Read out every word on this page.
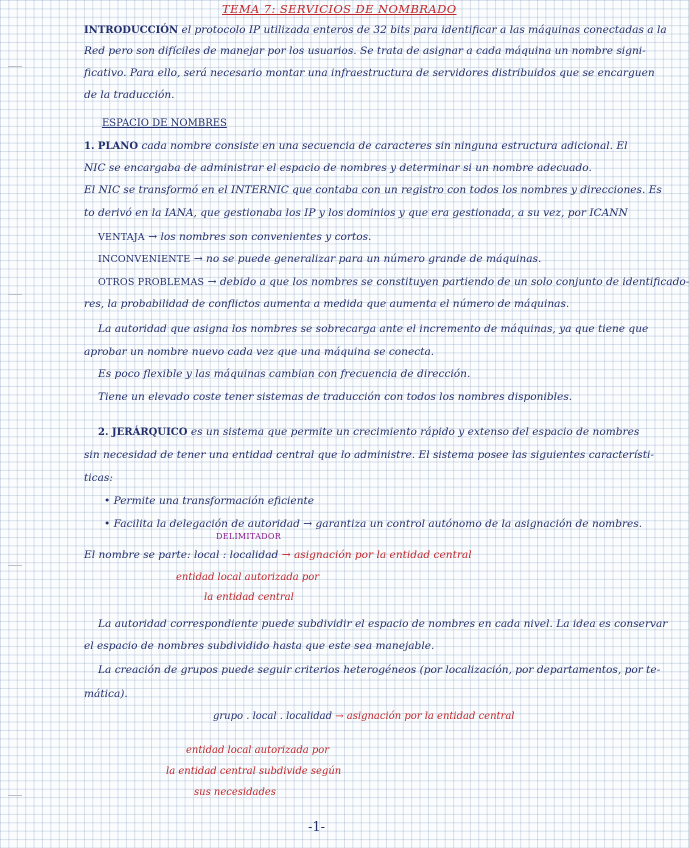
TEMA 7: SERVICIOS DE NOMBRADO
INTRODUCCIÓN el protocolo IP utilizada enteros de 32 bits para identificar a las máquinas conectadas a la
Red pero son difíciles de manejar por los usuarios. Se trata de asignar a cada máquina un nombre signi-
ficativo. Para ello, será necesario montar una infraestructura de servidores distribuidos que se encarguen
de la traducción.
ESPACIO DE NOMBRES
1. PLANO cada nombre consiste en una secuencia de caracteres sin ninguna estructura adicional. El
NIC se encargaba de administrar el espacio de nombres y determinar si un nombre adecuado.
El NIC se transformó en el INTERNIC que contaba con un registro con todos los nombres y direcciones. Es
to derivó en la IANA, que gestionaba los IP y los dominios y que era gestionada, a su vez, por ICANN
VENTAJA → los nombres son convenientes y cortos.
INCONVENIENTE → no se puede generalizar para un número grande de máquinas.
OTROS PROBLEMAS → debido a que los nombres se constituyen partiendo de un solo conjunto de identificado-
res, la probabilidad de conflictos aumenta a medida que aumenta el número de máquinas.
La autoridad que asigna los nombres se sobrecarga ante el incremento de máquinas, ya que tiene que
aprobar un nombre nuevo cada vez que una máquina se conecta.
Es poco flexible y las máquinas cambian con frecuencia de dirección.
Tiene un elevado coste tener sistemas de traducción con todos los nombres disponibles.
2. JERÁRQUICO es un sistema que permite un crecimiento rápido y extenso del espacio de nombres
sin necesidad de tener una entidad central que lo administre. El sistema posee las siguientes característi-
ticas:
• Permite una transformación eficiente
• Facilita la delegación de autoridad → garantiza un control autónomo de la asignación de nombres.
DELIMITADOR
El nombre se parte: local : localidad → asignación por la entidad central
entidad local autorizada por
la entidad central
La autoridad correspondiente puede subdividir el espacio de nombres en cada nivel. La idea es conservar
el espacio de nombres subdividido hasta que este sea manejable.
La creación de grupos puede seguir criterios heterogéneos (por localización, por departamentos, por te-
mática).
grupo . local . localidad → asignación por la entidad central
entidad local autorizada por
la entidad central subdivide según
sus necesidades
-1-
